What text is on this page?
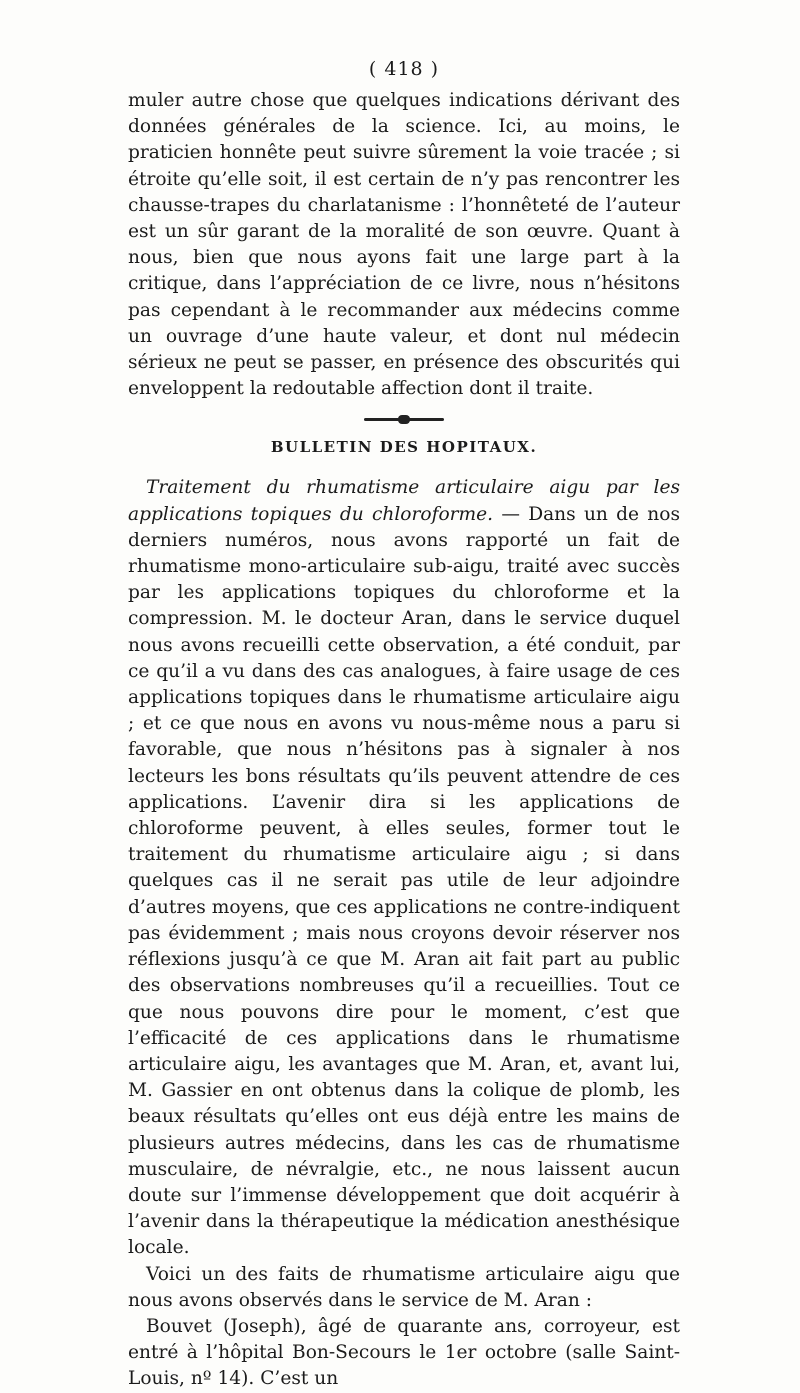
( 418 )

muler autre chose que quelques indications dérivant des données générales de la science. Ici, au moins, le praticien honnête peut suivre sûrement la voie tracée ; si étroite qu’elle soit, il est certain de n’y pas rencontrer les chausse-trapes du charlatanisme : l’honnêteté de l’auteur est un sûr garant de la moralité de son œuvre. Quant à nous, bien que nous ayons fait une large part à la critique, dans l’appréciation de ce livre, nous n’hésitons pas cependant à le recommander aux médecins comme un ouvrage d’une haute valeur, et dont nul médecin sérieux ne peut se passer, en présence des obscurités qui enveloppent la redoutable affection dont il traite.

BULLETIN DES HOPITAUX.

Traitement du rhumatisme articulaire aigu par les applications topiques du chloroforme. — Dans un de nos derniers numéros, nous avons rapporté un fait de rhumatisme mono-articulaire sub-aigu, traité avec succès par les applications topiques du chloroforme et la compression. M. le docteur Aran, dans le service duquel nous avons recueilli cette observation, a été conduit, par ce qu’il a vu dans des cas analogues, à faire usage de ces applications topiques dans le rhumatisme articulaire aigu ; et ce que nous en avons vu nous-même nous a paru si favorable, que nous n’hésitons pas à signaler à nos lecteurs les bons résultats qu’ils peuvent attendre de ces applications. L’avenir dira si les applications de chloroforme peuvent, à elles seules, former tout le traitement du rhumatisme articulaire aigu ; si dans quelques cas il ne serait pas utile de leur adjoindre d’autres moyens, que ces applications ne contre-indiquent pas évidemment ; mais nous croyons devoir réserver nos réflexions jusqu’à ce que M. Aran ait fait part au public des observations nombreuses qu’il a recueillies. Tout ce que nous pouvons dire pour le moment, c’est que l’efficacité de ces applications dans le rhumatisme articulaire aigu, les avantages que M. Aran, et, avant lui, M. Gassier en ont obtenus dans la colique de plomb, les beaux résultats qu’elles ont eus déjà entre les mains de plusieurs autres médecins, dans les cas de rhumatisme musculaire, de névralgie, etc., ne nous laissent aucun doute sur l’immense développement que doit acquérir à l’avenir dans la thérapeutique la médication anesthésique locale.

Voici un des faits de rhumatisme articulaire aigu que nous avons observés dans le service de M. Aran :

Bouvet (Joseph), âgé de quarante ans, corroyeur, est entré à l’hôpital Bon-Secours le 1er octobre (salle Saint-Louis, nº 14). C’est un
